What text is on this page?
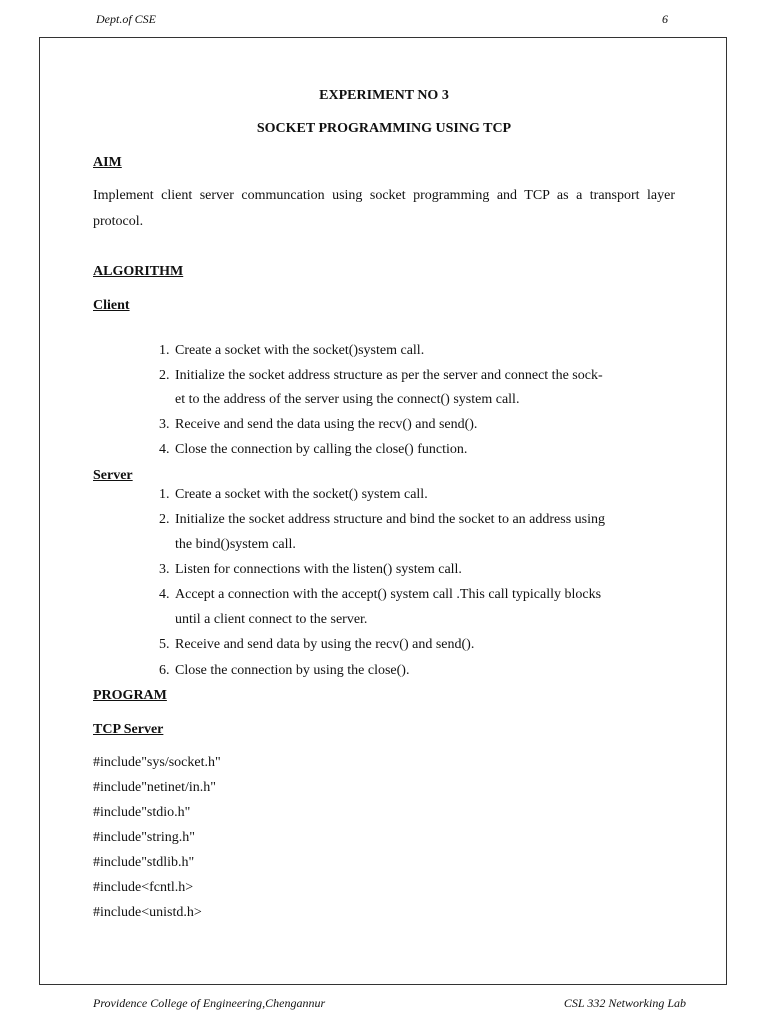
Dept.of CSE	6
EXPERIMENT NO 3
SOCKET PROGRAMMING USING TCP
AIM
Implement client server communcation using socket programming and TCP as a transport layer protocol.
ALGORITHM
Client
1. Create a socket with the socket()system call.
2. Initialize the socket address structure as per the server and connect the sock-
et to the address of the server using the connect() system call.
3. Receive and send the data using the recv() and send().
4. Close the connection by calling the close() function.
Server
1. Create a socket with the socket() system call.
2. Initialize the socket address structure and bind the socket to an address using
the bind()system call.
3. Listen for connections with the listen() system call.
4. Accept a connection with the accept() system call .This call typically blocks
until a client connect to the server.
5. Receive and send data by using the recv() and send().
6. Close the connection by using the close().
PROGRAM
TCP Server
#include"sys/socket.h"
#include"netinet/in.h"
#include"stdio.h"
#include"string.h"
#include"stdlib.h"
#include<fcntl.h>
#include<unistd.h>
Providence College of Engineering,Chengannur	CSL 332 Networking Lab
